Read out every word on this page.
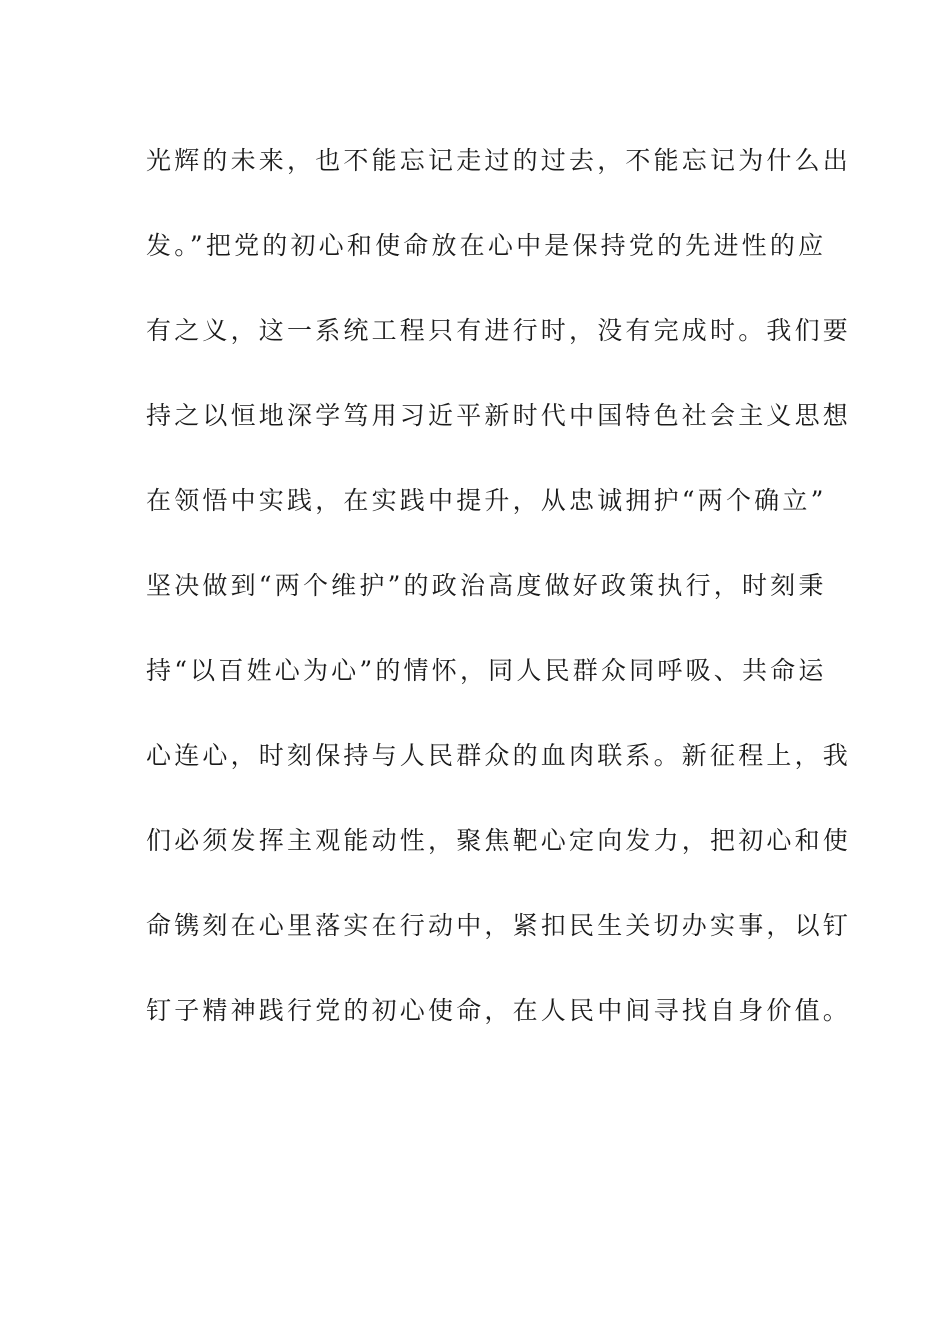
光辉的未来，也不能忘记走过的过去，不能忘记为什么出
发。”把党的初心和使命放在心中是保持党的先进性的应
有之义，这一系统工程只有进行时，没有完成时。我们要
持之以恒地深学笃用习近平新时代中国特色社会主义思想
在领悟中实践，在实践中提升，从忠诚拥护“两个确立”
坚决做到“两个维护”的政治高度做好政策执行，时刻秉
持“以百姓心为心”的情怀，同人民群众同呼吸、共命运
心连心，时刻保持与人民群众的血肉联系。新征程上，我
们必须发挥主观能动性，聚焦靶心定向发力，把初心和使
命镌刻在心里落实在行动中，紧扣民生关切办实事，以钉
钉子精神践行党的初心使命，在人民中间寻找自身价值。
